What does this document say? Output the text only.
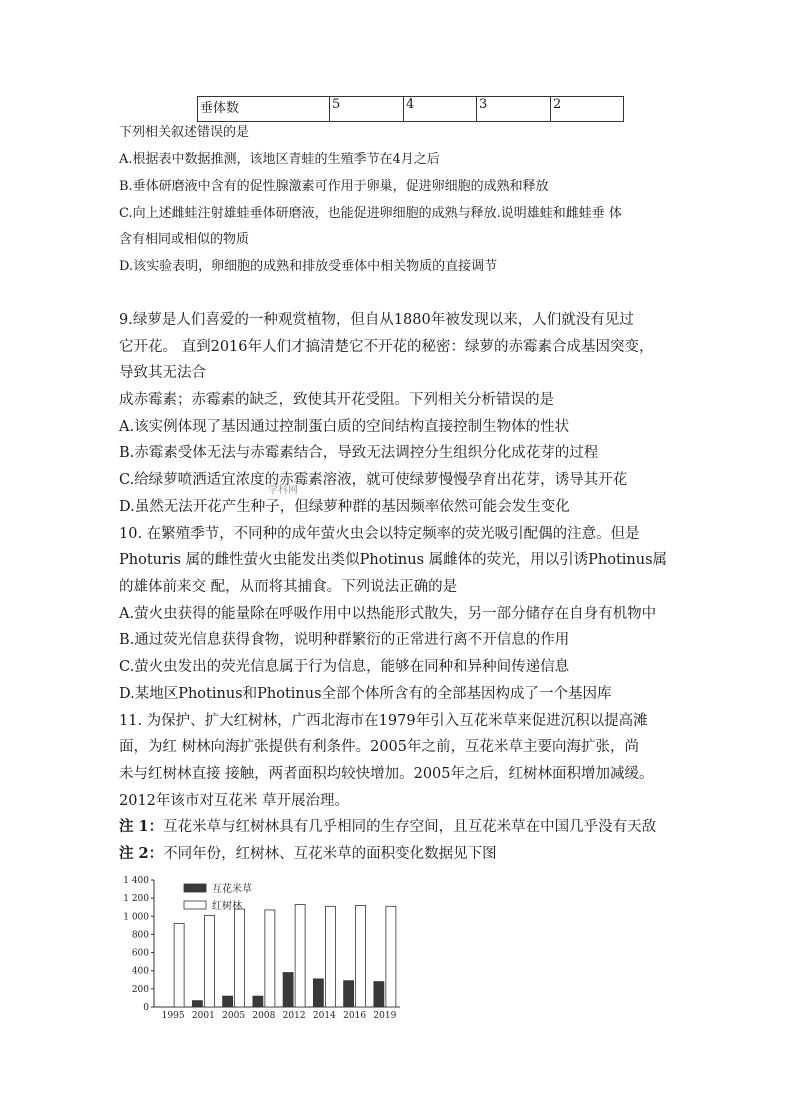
垂体数	5	4	3	2
下列相关叙述错误的是
A.根据表中数据推测，该地区青蛙的生殖季节在4月之后
B.垂体研磨液中含有的促性腺激素可作用于卵巢，促进卵细胞的成熟和释放
C.向上述雌蛙注射雄蛙垂体研磨液，也能促进卵细胞的成熟与释放.说明雄蛙和雌蛙垂 体
含有相同或相似的物质
D.该实验表明，卵细胞的成熟和排放受垂体中相关物质的直接调节
9.绿萝是人们喜爱的一种观赏植物，但自从1880年被发现以来，人们就没有见过
它开花。 直到2016年人们才搞清楚它不开花的秘密：绿萝的赤霉素合成基因突变，
导致其无法合
成赤霉素；赤霉素的缺乏，致使其开花受阻。下列相关分析错误的是
A.该实例体现了基因通过控制蛋白质的空间结构直接控制生物体的性状
B.赤霉素受体无法与赤霉素结合，导致无法调控分生组织分化成花芽的过程
C.给绿萝喷洒适宜浓度的赤霉素溶液，就可使绿萝慢慢孕育出花芽，诱导其开花
D.虽然无法开花产生种子，但绿萝种群的基因频率依然可能会发生变化
学科网
10. 在繁殖季节，不同种的成年萤火虫会以特定频率的荧光吸引配偶的注意。但是
Photuris 属的雌性萤火虫能发出类似Photinus 属雌体的荧光，用以引诱Photinus属
的雄体前来交 配，从而将其捕食。下列说法正确的是
A.萤火虫获得的能量除在呼吸作用中以热能形式散失，另一部分储存在自身有机物中
B.通过荧光信息获得食物，说明种群繁衍的正常进行离不开信息的作用
C.萤火虫发出的荧光信息属于行为信息，能够在同种和异种间传递信息
D.某地区Photinus和Photinus全部个体所含有的全部基因构成了一个基因库
11. 为保护、扩大红树林，广西北海市在1979年引入互花米草来促进沉积以提高滩
面，为红 树林向海扩张提供有利条件。2005年之前，互花米草主要向海扩张，尚
未与红树林直接 接触，两者面积均较快增加。2005年之后，红树林面积增加减缓。
2012年该市对互花米 草开展治理。
注 1：互花米草与红树林具有几乎相同的生存空间，且互花米草在中国几乎没有天敌
注 2：不同年份，红树林、互花米草的面积变化数据见下图
0
200
400
600
800
1 000
1 200
1 400
1995 2001 2005 2008 2012 2014 2016 2019
互花米草
红树林
